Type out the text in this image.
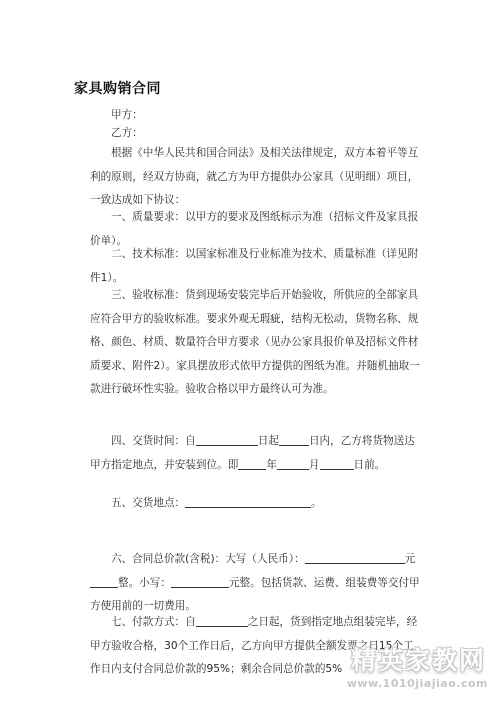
家具购销合同

甲方：

乙方：

根据《中华人民共和国合同法》及相关法律规定，双方本着平等互利的原则，经双方协商，就乙方为甲方提供办公家具（见明细）项目，一致达成如下协议：

一、质量要求：以甲方的要求及图纸标示为准（招标文件及家具报价单）。

二、技术标准：以国家标准及行业标准为技术、质量标准（详见附件1）。

三、验收标准：货到现场安装完毕后开始验收，所供应的全部家具应符合甲方的验收标准。要求外观无瑕疵，结构无松动，货物名称、规格、颜色、材质、数量符合甲方要求（见办公家具报价单及招标文件材质要求、附件2）。家具摆放形式依甲方提供的图纸为准。并随机抽取一款进行破坏性实验。验收合格以甲方最终认可为准。

四、交货时间：自	日起	日内，乙方将货物送达甲方指定地点，并安装到位。即	年	月	日前。

五、交货地点：	。

六、合同总价款(含税)：大写（人民币）：	元整。小写：	元整。包括货款、运费、组装费等交付甲方使用前的一切费用。

七、付款方式：自	之日起，货到指定地点组装完毕，经甲方验收合格，30个工作日后，乙方向甲方提供全额发票之日15个工作日内支付合同总价款的95%；剩余合同总价款的5% 精英家教网
www.1010jiajiao.com
